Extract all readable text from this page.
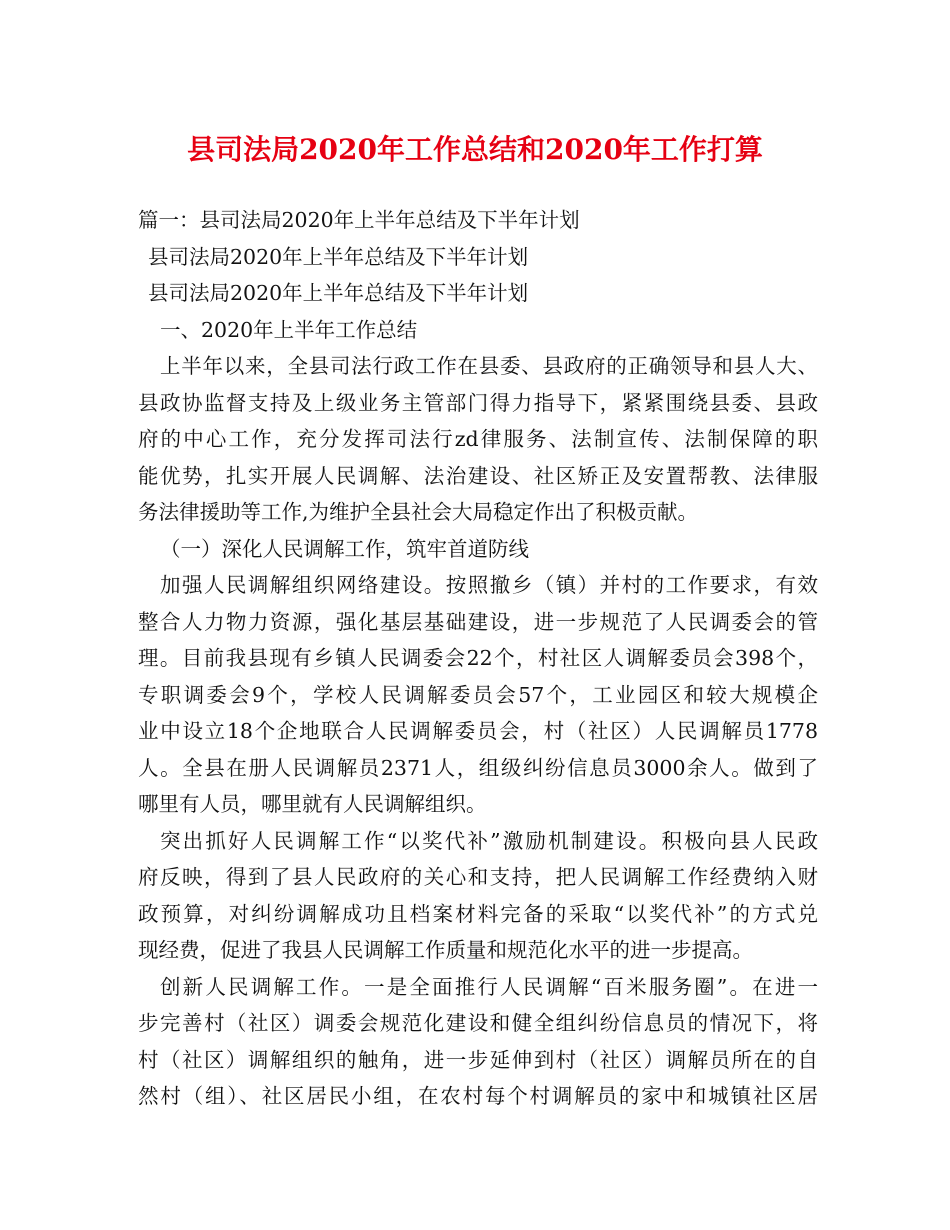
县司法局2020年工作总结和2020年工作打算
篇一：县司法局2020年上半年总结及下半年计划
县司法局2020年上半年总结及下半年计划
县司法局2020年上半年总结及下半年计划
一、2020年上半年工作总结
上半年以来，全县司法行政工作在县委、县政府的正确领导和县人大、
县政协监督支持及上级业务主管部门得力指导下，紧紧围绕县委、县政
府的中心工作，充分发挥司法行zd律服务、法制宣传、法制保障的职
能优势，扎实开展人民调解、法治建设、社区矫正及安置帮教、法律服
务法律援助等工作,为维护全县社会大局稳定作出了积极贡献。
（一）深化人民调解工作，筑牢首道防线
加强人民调解组织网络建设。按照撤乡（镇）并村的工作要求，有效
整合人力物力资源，强化基层基础建设，进一步规范了人民调委会的管
理。目前我县现有乡镇人民调委会22个，村社区人调解委员会398个，
专职调委会9个，学校人民调解委员会57个，工业园区和较大规模企
业中设立18个企地联合人民调解委员会，村（社区）人民调解员1778
人。全县在册人民调解员2371人，组级纠纷信息员3000余人。做到了
哪里有人员，哪里就有人民调解组织。
突出抓好人民调解工作“以奖代补”激励机制建设。积极向县人民政
府反映，得到了县人民政府的关心和支持，把人民调解工作经费纳入财
政预算，对纠纷调解成功且档案材料完备的采取“以奖代补”的方式兑
现经费，促进了我县人民调解工作质量和规范化水平的进一步提高。
创新人民调解工作。一是全面推行人民调解“百米服务圈”。在进一
步完善村（社区）调委会规范化建设和健全组纠纷信息员的情况下，将
村（社区）调解组织的触角，进一步延伸到村（社区）调解员所在的自
然村（组）、社区居民小组，在农村每个村调解员的家中和城镇社区居
